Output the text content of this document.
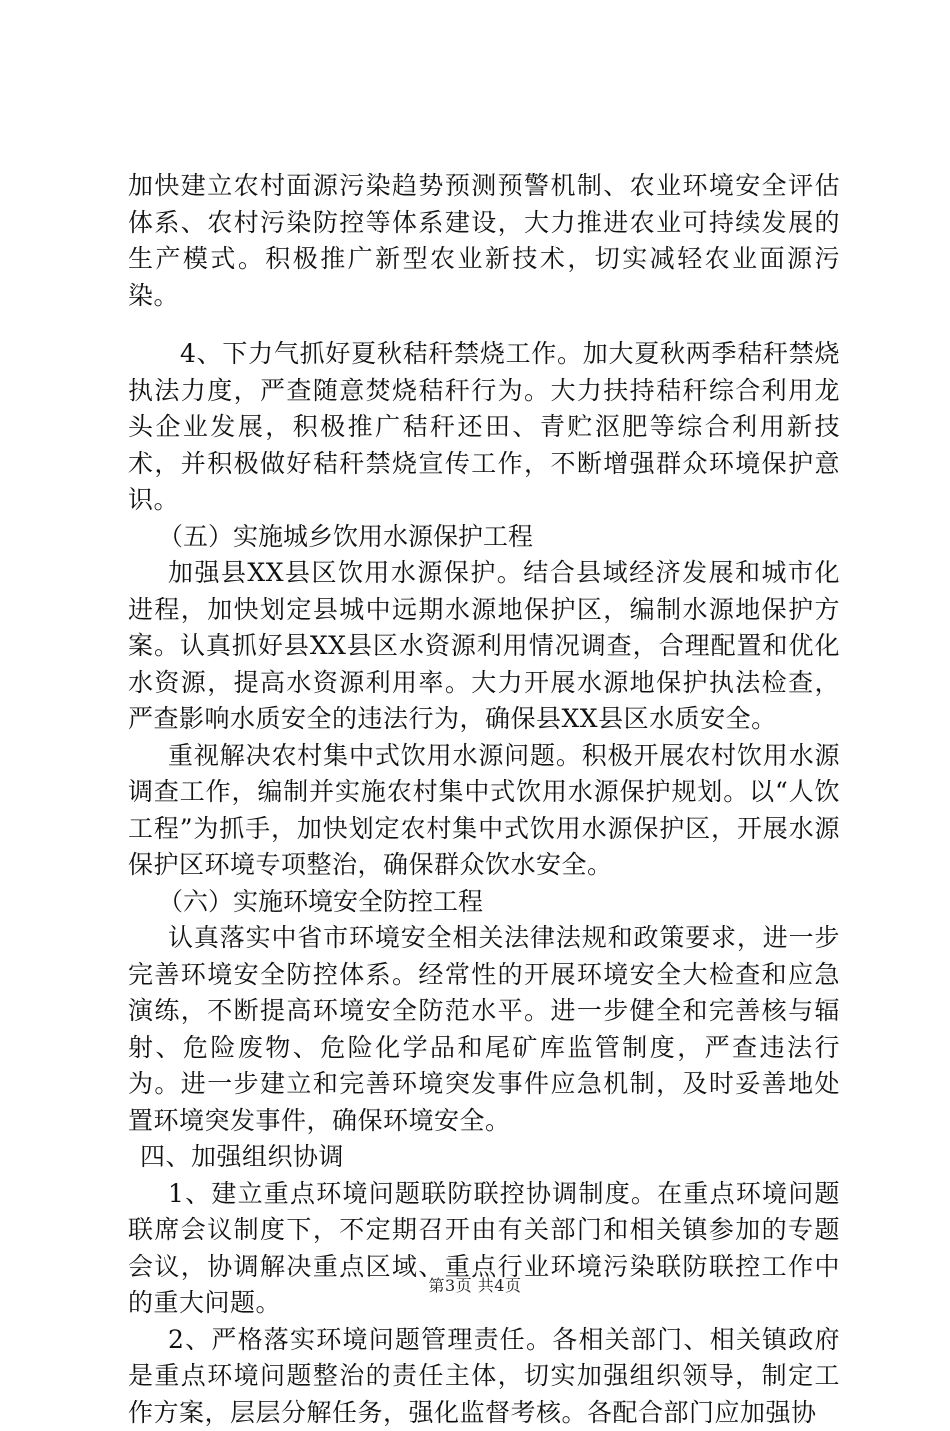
加快建立农村面源污染趋势预测预警机制、农业环境安全评估体系、农村污染防控等体系建设，大力推进农业可持续发展的生产模式。积极推广新型农业新技术，切实减轻农业面源污染。

4、下力气抓好夏秋秸秆禁烧工作。加大夏秋两季秸秆禁烧执法力度，严查随意焚烧秸秆行为。大力扶持秸秆综合利用龙头企业发展，积极推广秸秆还田、青贮沤肥等综合利用新技术，并积极做好秸秆禁烧宣传工作，不断增强群众环境保护意识。

（五）实施城乡饮用水源保护工程

加强县XX县区饮用水源保护。结合县域经济发展和城市化进程，加快划定县城中远期水源地保护区，编制水源地保护方案。认真抓好县XX县区水资源利用情况调查，合理配置和优化水资源，提高水资源利用率。大力开展水源地保护执法检查，严查影响水质安全的违法行为，确保县XX县区水质安全。

重视解决农村集中式饮用水源问题。积极开展农村饮用水源调查工作，编制并实施农村集中式饮用水源保护规划。以“人饮工程”为抓手，加快划定农村集中式饮用水源保护区，开展水源保护区环境专项整治，确保群众饮水安全。

（六）实施环境安全防控工程

认真落实中省市环境安全相关法律法规和政策要求，进一步完善环境安全防控体系。经常性的开展环境安全大检查和应急演练，不断提高环境安全防范水平。进一步健全和完善核与辐射、危险废物、危险化学品和尾矿库监管制度，严查违法行为。进一步建立和完善环境突发事件应急机制，及时妥善地处置环境突发事件，确保环境安全。

四、加强组织协调

1、建立重点环境问题联防联控协调制度。在重点环境问题联席会议制度下，不定期召开由有关部门和相关镇参加的专题会议，协调解决重点区域、重点行业环境污染联防联控工作中的重大问题。

2、严格落实环境问题管理责任。各相关部门、相关镇政府是重点环境问题整治的责任主体，切实加强组织领导，制定工作方案，层层分解任务，强化监督考核。各配合部门应加强协

第3页 共4页
